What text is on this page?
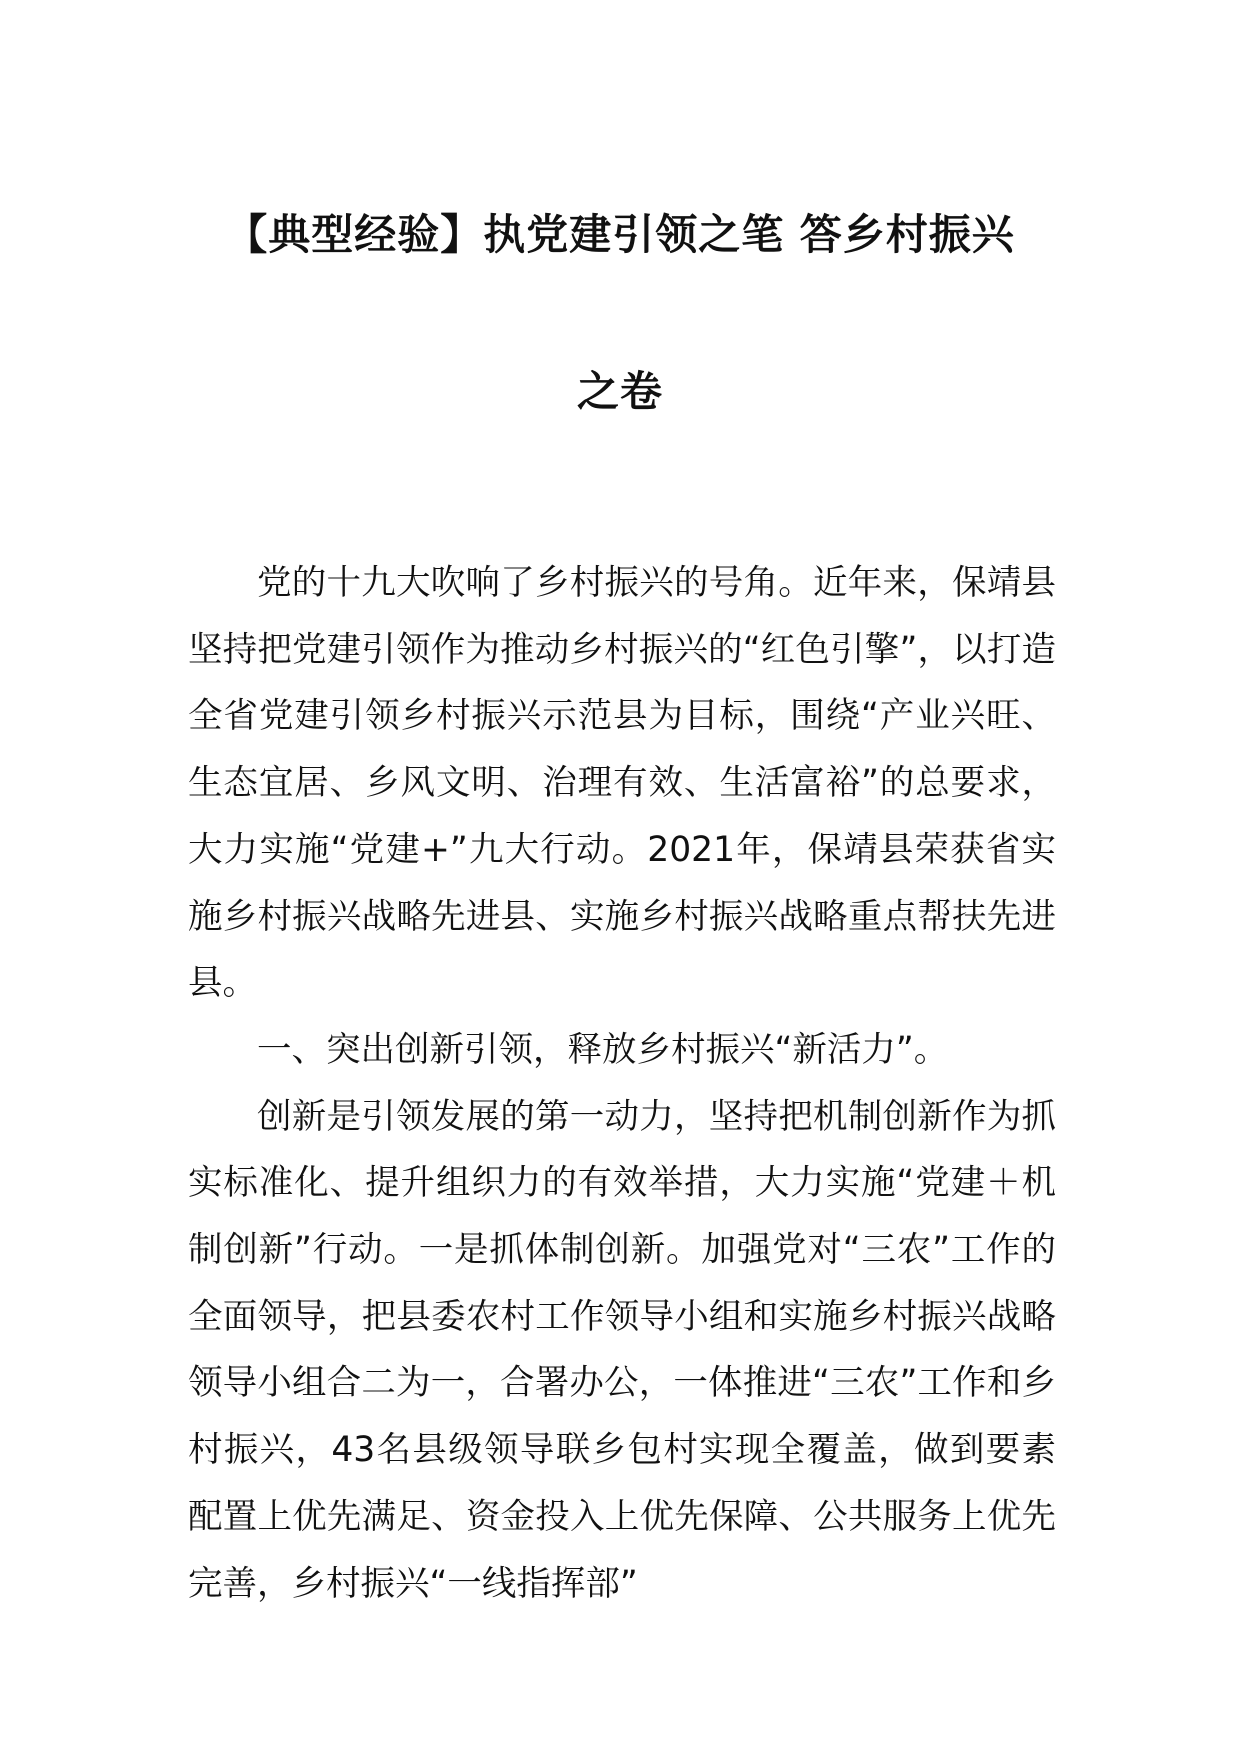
【典型经验】执党建引领之笔 答乡村振兴
之卷

党的十九大吹响了乡村振兴的号角。近年来，保靖县坚持把党建引领作为推动乡村振兴的“红色引擎”，以打造全省党建引领乡村振兴示范县为目标，围绕“产业兴旺、生态宜居、乡风文明、治理有效、生活富裕”的总要求，大力实施“党建+”九大行动。2021年，保靖县荣获省实施乡村振兴战略先进县、实施乡村振兴战略重点帮扶先进县。

一、突出创新引领，释放乡村振兴“新活力”。

创新是引领发展的第一动力，坚持把机制创新作为抓实标准化、提升组织力的有效举措，大力实施“党建＋机制创新”行动。一是抓体制创新。加强党对“三农”工作的全面领导，把县委农村工作领导小组和实施乡村振兴战略领导小组合二为一，合署办公，一体推进“三农”工作和乡村振兴，43名县级领导联乡包村实现全覆盖，做到要素配置上优先满足、资金投入上优先保障、公共服务上优先完善，乡村振兴“一线指挥部”
